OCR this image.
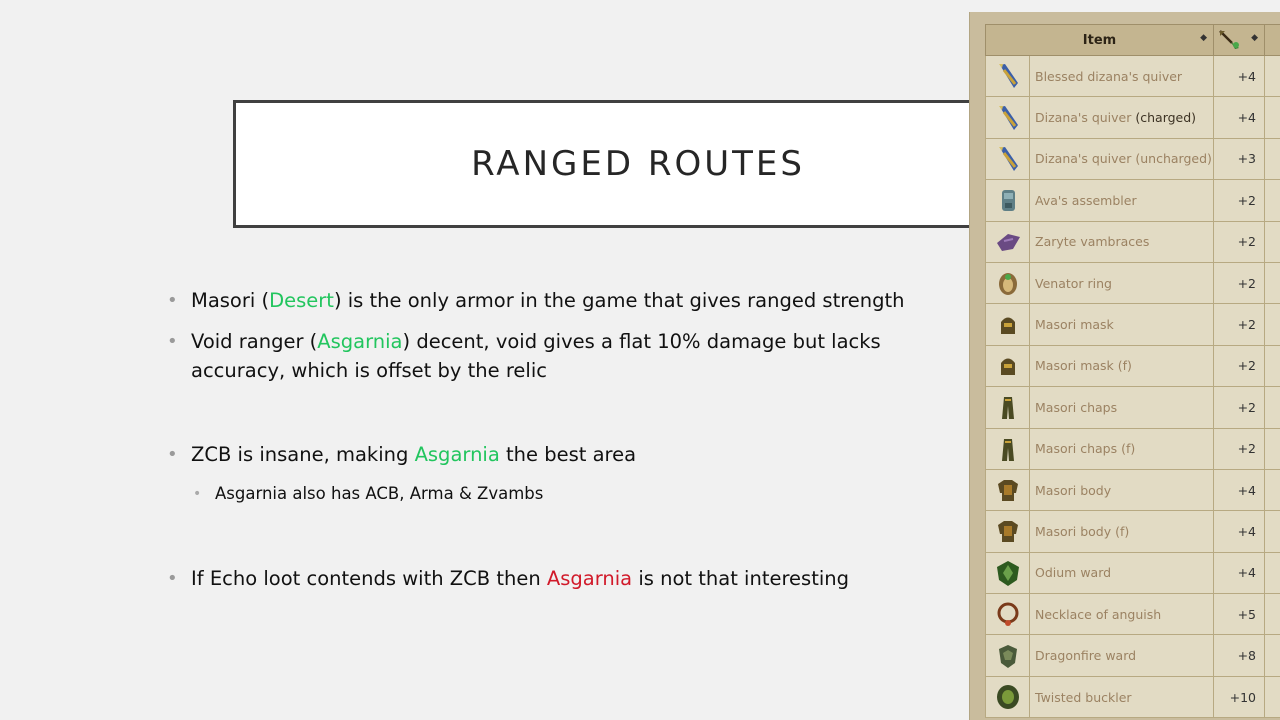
RANGED ROUTES
• Masori (Desert) is the only armor in the game that gives ranged strength
• Void ranger (Asgarnia) decent, void gives a flat 10% damage but lacks accuracy, which is offset by the relic
• ZCB is insane, making Asgarnia the best area
• Asgarnia also has ACB, Arma & Zvambs
• If Echo loot contends with ZCB then Asgarnia is not that interesting
Item ◆		◆	

	Blessed dizana's quiver	+4	
	Dizana's quiver (charged)	+4	
	Dizana's quiver (uncharged)	+3	
	Ava's assembler	+2	
	Zaryte vambraces	+2	
	Venator ring	+2	
	Masori mask	+2	
	Masori mask (f)	+2	
	Masori chaps	+2	
	Masori chaps (f)	+2	
	Masori body	+4	
	Masori body (f)	+4	
	Odium ward	+4	
	Necklace of anguish	+5	
	Dragonfire ward	+8	
	Twisted buckler	+10	
